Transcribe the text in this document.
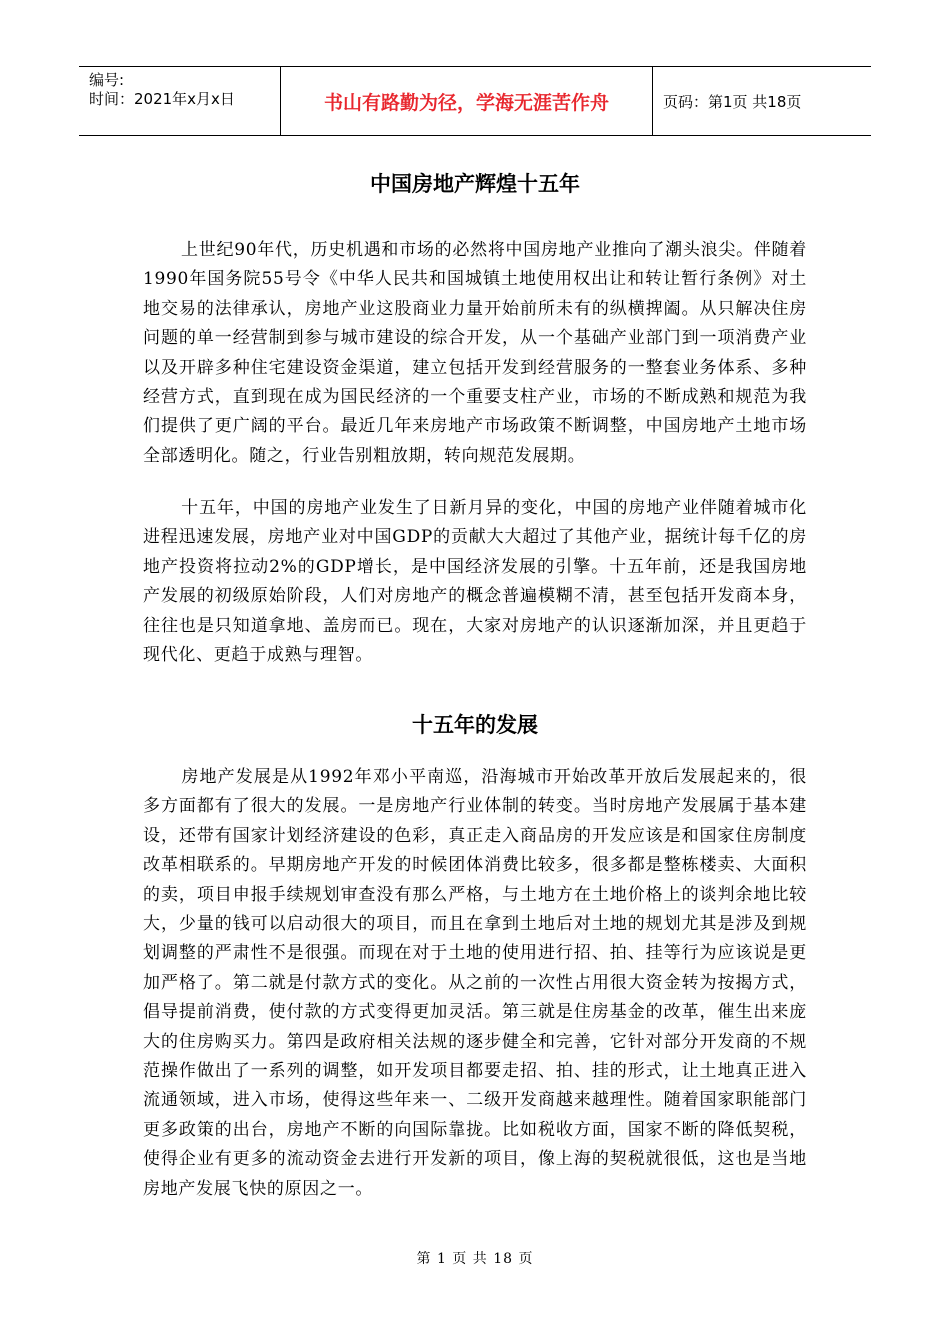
编号:
时间：2021年x月x日	书山有路勤为径，学海无涯苦作舟	页码：第1页 共18页
中国房地产辉煌十五年

上世纪90年代，历史机遇和市场的必然将中国房地产业推向了潮头浪尖。伴随着1990年国务院55号令《中华人民共和国城镇土地使用权出让和转让暂行条例》对土地交易的法律承认，房地产业这股商业力量开始前所未有的纵横捭阖。从只解决住房问题的单一经营制到参与城市建设的综合开发，从一个基础产业部门到一项消费产业以及开辟多种住宅建设资金渠道，建立包括开发到经营服务的一整套业务体系、多种经营方式，直到现在成为国民经济的一个重要支柱产业，市场的不断成熟和规范为我们提供了更广阔的平台。最近几年来房地产市场政策不断调整，中国房地产土地市场全部透明化。随之，行业告别粗放期，转向规范发展期。

十五年，中国的房地产业发生了日新月异的变化，中国的房地产业伴随着城市化进程迅速发展，房地产业对中国GDP的贡献大大超过了其他产业，据统计每千亿的房地产投资将拉动2%的GDP增长，是中国经济发展的引擎。十五年前，还是我国房地产发展的初级原始阶段，人们对房地产的概念普遍模糊不清，甚至包括开发商本身，往往也是只知道拿地、盖房而已。现在，大家对房地产的认识逐渐加深，并且更趋于现代化、更趋于成熟与理智。

十五年的发展

房地产发展是从1992年邓小平南巡，沿海城市开始改革开放后发展起来的，很多方面都有了很大的发展。一是房地产行业体制的转变。当时房地产发展属于基本建设，还带有国家计划经济建设的色彩，真正走入商品房的开发应该是和国家住房制度改革相联系的。早期房地产开发的时候团体消费比较多，很多都是整栋楼卖、大面积的卖，项目申报手续规划审查没有那么严格，与土地方在土地价格上的谈判余地比较大，少量的钱可以启动很大的项目，而且在拿到土地后对土地的规划尤其是涉及到规划调整的严肃性不是很强。而现在对于土地的使用进行招、拍、挂等行为应该说是更加严格了。第二就是付款方式的变化。从之前的一次性占用很大资金转为按揭方式，倡导提前消费，使付款的方式变得更加灵活。第三就是住房基金的改革，催生出来庞大的住房购买力。第四是政府相关法规的逐步健全和完善，它针对部分开发商的不规范操作做出了一系列的调整，如开发项目都要走招、拍、挂的形式，让土地真正进入流通领域，进入市场，使得这些年来一、二级开发商越来越理性。随着国家职能部门更多政策的出台，房地产不断的向国际靠拢。比如税收方面，国家不断的降低契税，使得企业有更多的流动资金去进行开发新的项目，像上海的契税就很低，这也是当地房地产发展飞快的原因之一。

第 1 页 共 18 页
